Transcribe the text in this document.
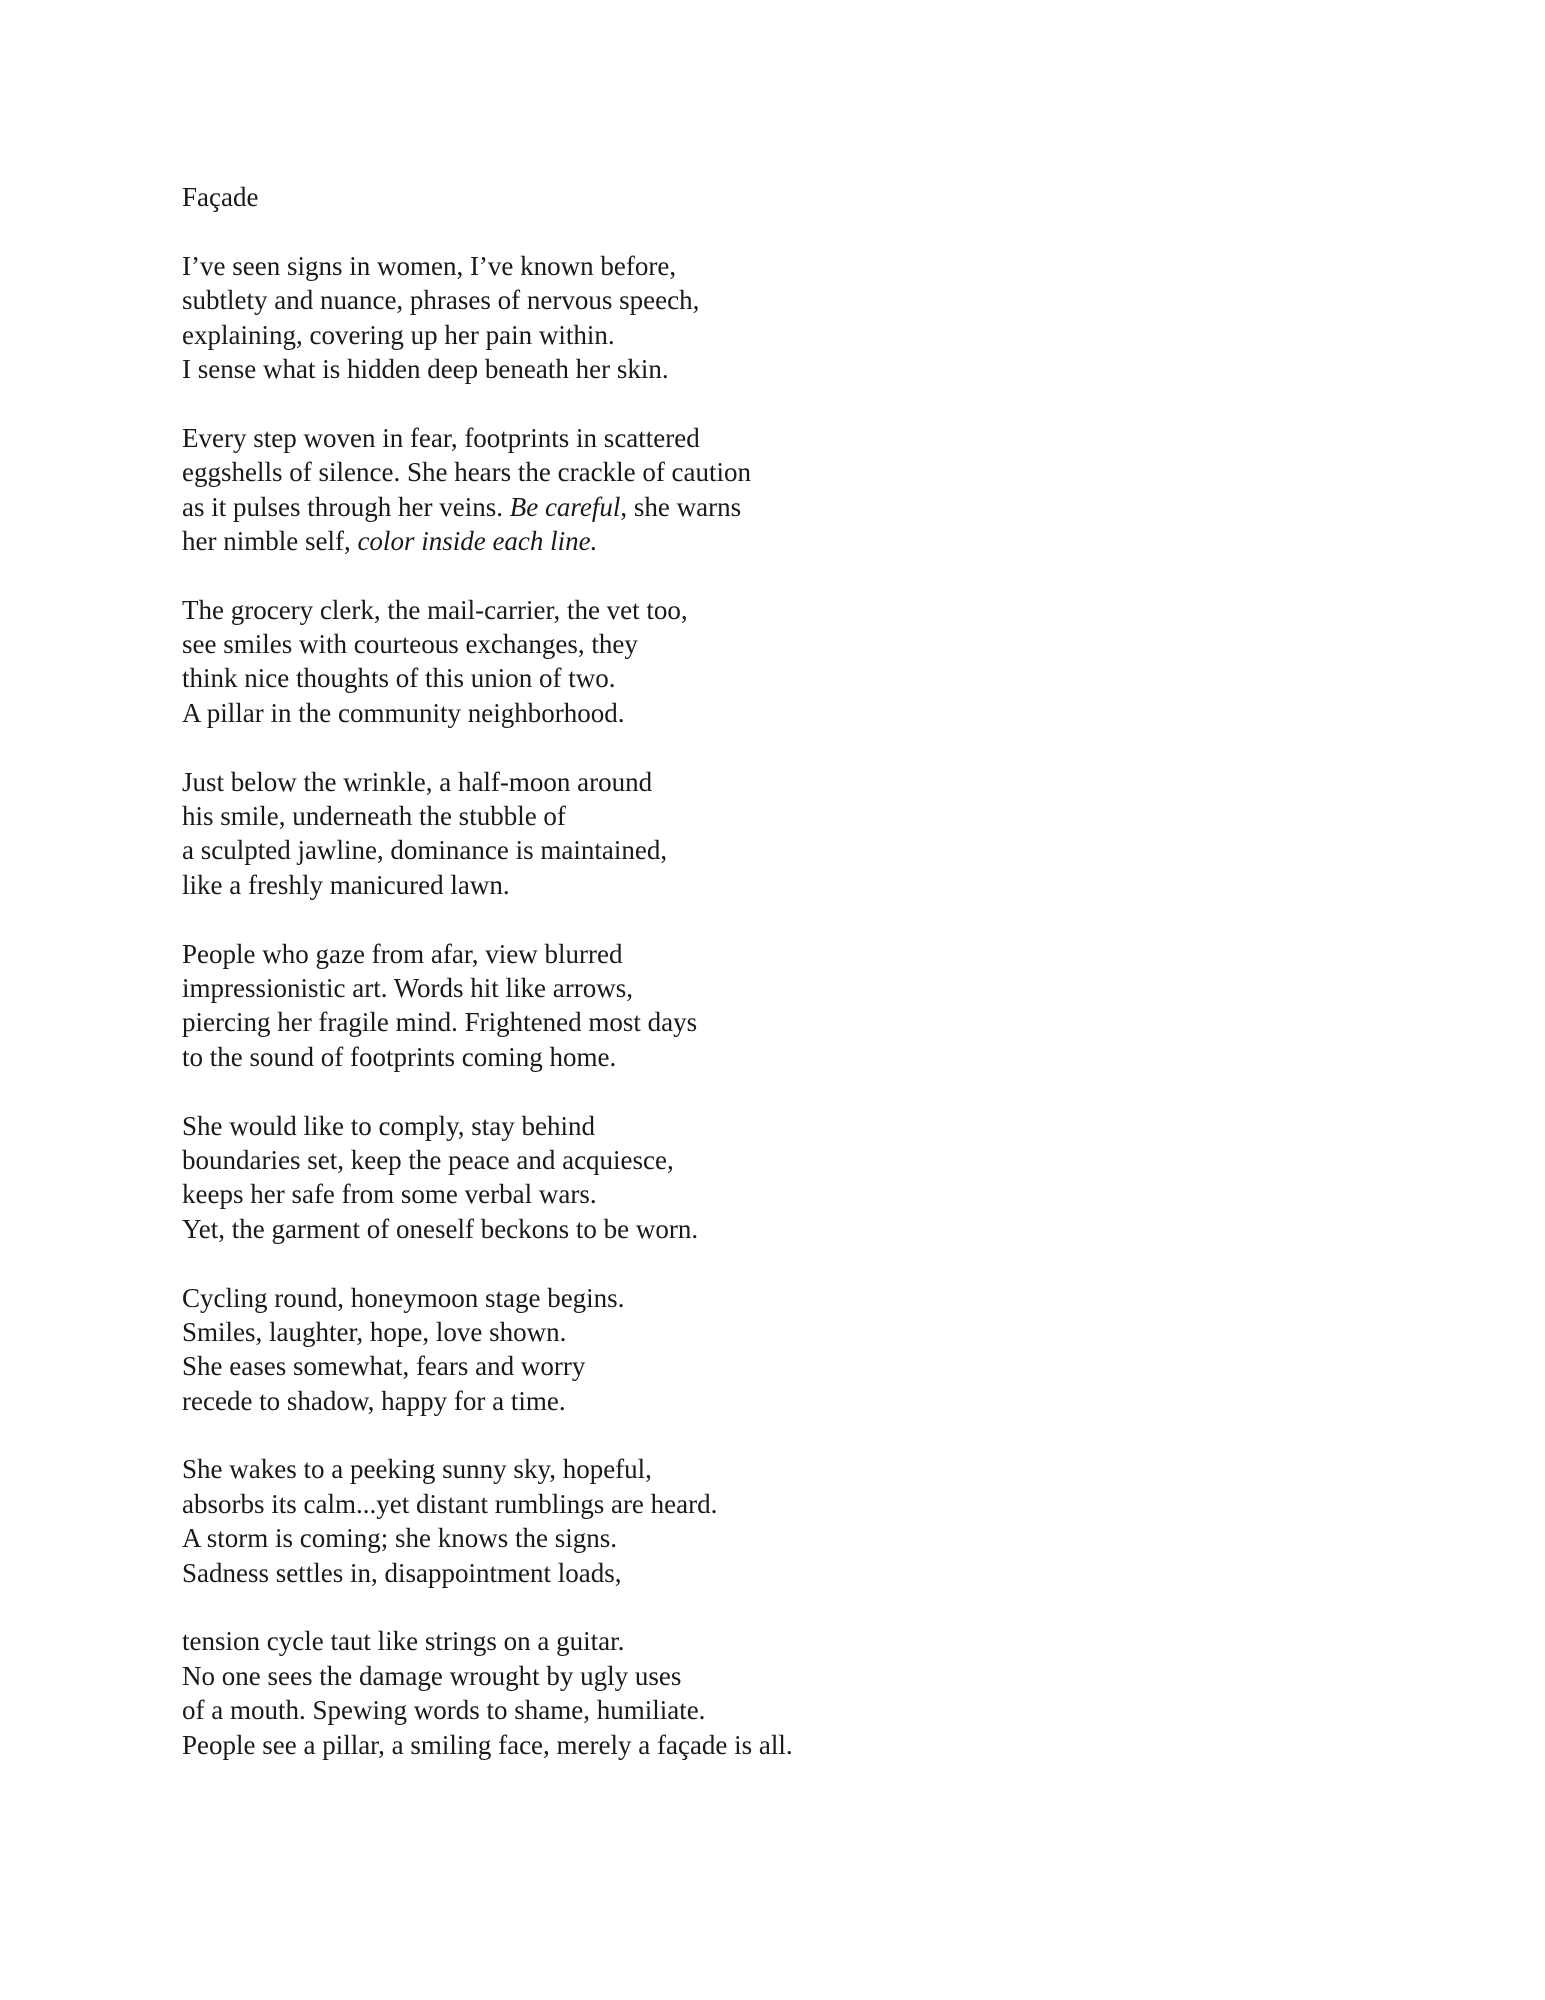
Façade
I’ve seen signs in women, I’ve known before,
subtlety and nuance, phrases of nervous speech,
explaining, covering up her pain within.
I sense what is hidden deep beneath her skin.
Every step woven in fear, footprints in scattered
eggshells of silence. She hears the crackle of caution
as it pulses through her veins. Be careful, she warns
her nimble self, color inside each line.
The grocery clerk, the mail-carrier, the vet too,
see smiles with courteous exchanges, they
think nice thoughts of this union of two.
A pillar in the community neighborhood.
Just below the wrinkle, a half-moon around
his smile, underneath the stubble of
a sculpted jawline, dominance is maintained,
like a freshly manicured lawn.
People who gaze from afar, view blurred
impressionistic art. Words hit like arrows,
piercing her fragile mind. Frightened most days
to the sound of footprints coming home.
She would like to comply, stay behind
boundaries set, keep the peace and acquiesce,
keeps her safe from some verbal wars.
Yet, the garment of oneself beckons to be worn.
Cycling round, honeymoon stage begins.
Smiles, laughter, hope, love shown.
She eases somewhat, fears and worry
recede to shadow, happy for a time.
She wakes to a peeking sunny sky, hopeful,
absorbs its calm...yet distant rumblings are heard.
A storm is coming; she knows the signs.
Sadness settles in, disappointment loads,
tension cycle taut like strings on a guitar.
No one sees the damage wrought by ugly uses
of a mouth. Spewing words to shame, humiliate.
People see a pillar, a smiling face, merely a façade is all.
